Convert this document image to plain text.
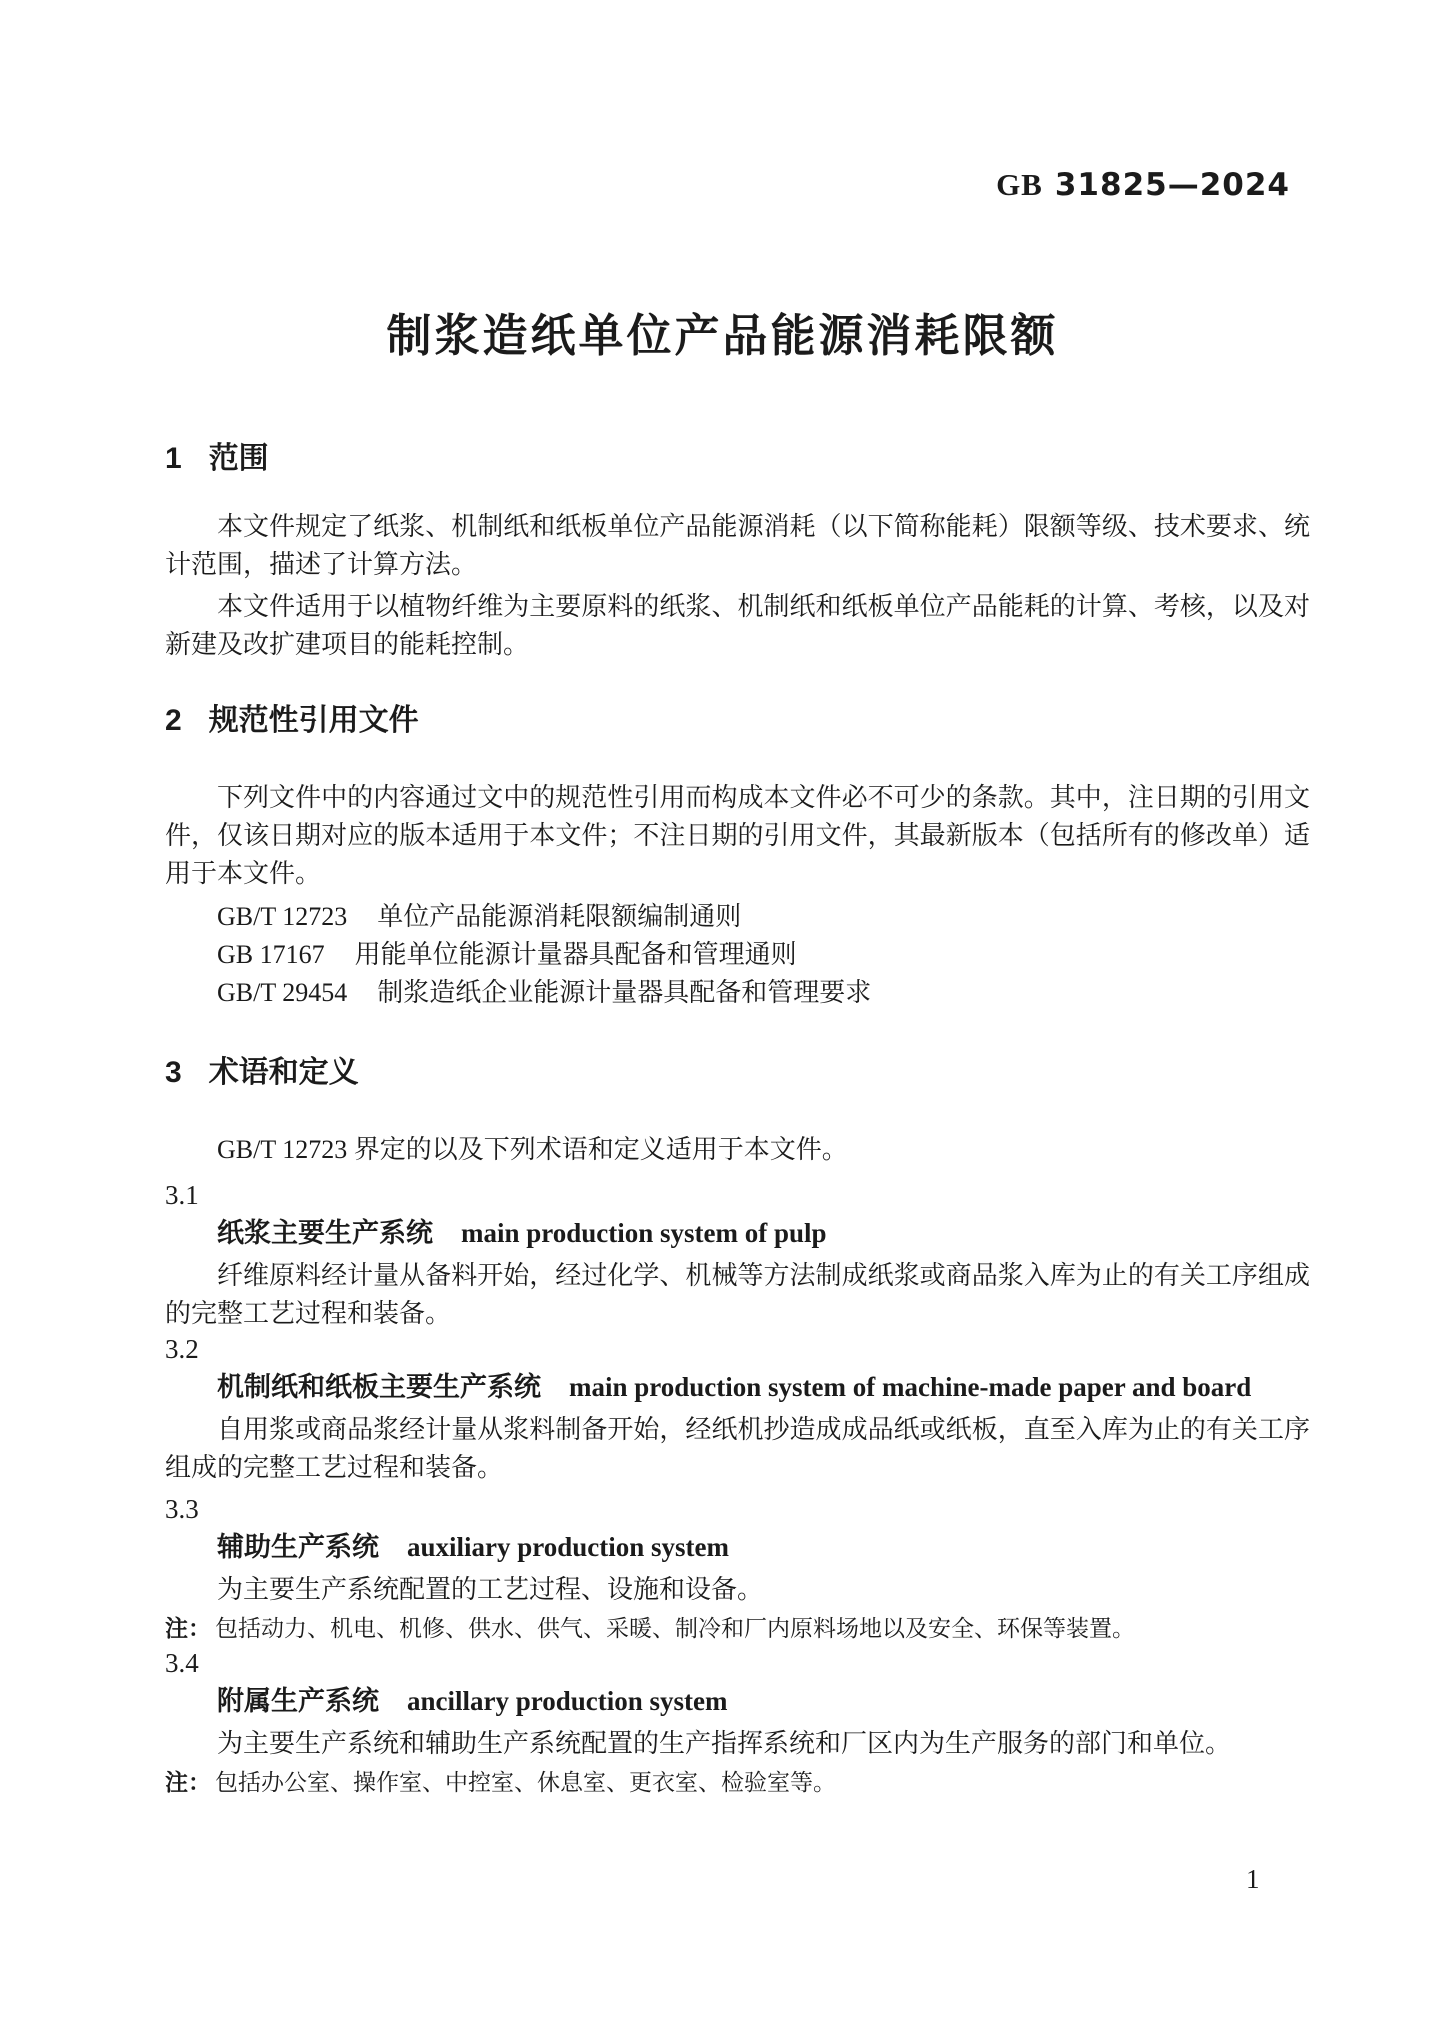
GB 31825—2024
制浆造纸单位产品能源消耗限额
1 范围

本文件规定了纸浆、机制纸和纸板单位产品能源消耗（以下简称能耗）限额等级、技术要求、统计范围，描述了计算方法。

本文件适用于以植物纤维为主要原料的纸浆、机制纸和纸板单位产品能耗的计算、考核，以及对新建及改扩建项目的能耗控制。

2 规范性引用文件

下列文件中的内容通过文中的规范性引用而构成本文件必不可少的条款。其中，注日期的引用文件，仅该日期对应的版本适用于本文件；不注日期的引用文件，其最新版本（包括所有的修改单）适用于本文件。

GB/T 12723 单位产品能源消耗限额编制通则
GB 17167 用能单位能源计量器具配备和管理通则
GB/T 29454 制浆造纸企业能源计量器具配备和管理要求
3 术语和定义

GB/T 12723 界定的以及下列术语和定义适用于本文件。

3.1
纸浆主要生产系统 main production system of pulp

纤维原料经计量从备料开始，经过化学、机械等方法制成纸浆或商品浆入库为止的有关工序组成的完整工艺过程和装备。

3.2
机制纸和纸板主要生产系统 main production system of machine-made paper and board

自用浆或商品浆经计量从浆料制备开始，经纸机抄造成成品纸或纸板，直至入库为止的有关工序组成的完整工艺过程和装备。

3.3
辅助生产系统 auxiliary production system

为主要生产系统配置的工艺过程、设施和设备。

注： 包括动力、机电、机修、供水、供气、采暖、制冷和厂内原料场地以及安全、环保等装置。
3.4
附属生产系统 ancillary production system

为主要生产系统和辅助生产系统配置的生产指挥系统和厂区内为生产服务的部门和单位。

注： 包括办公室、操作室、中控室、休息室、更衣室、检验室等。
1
